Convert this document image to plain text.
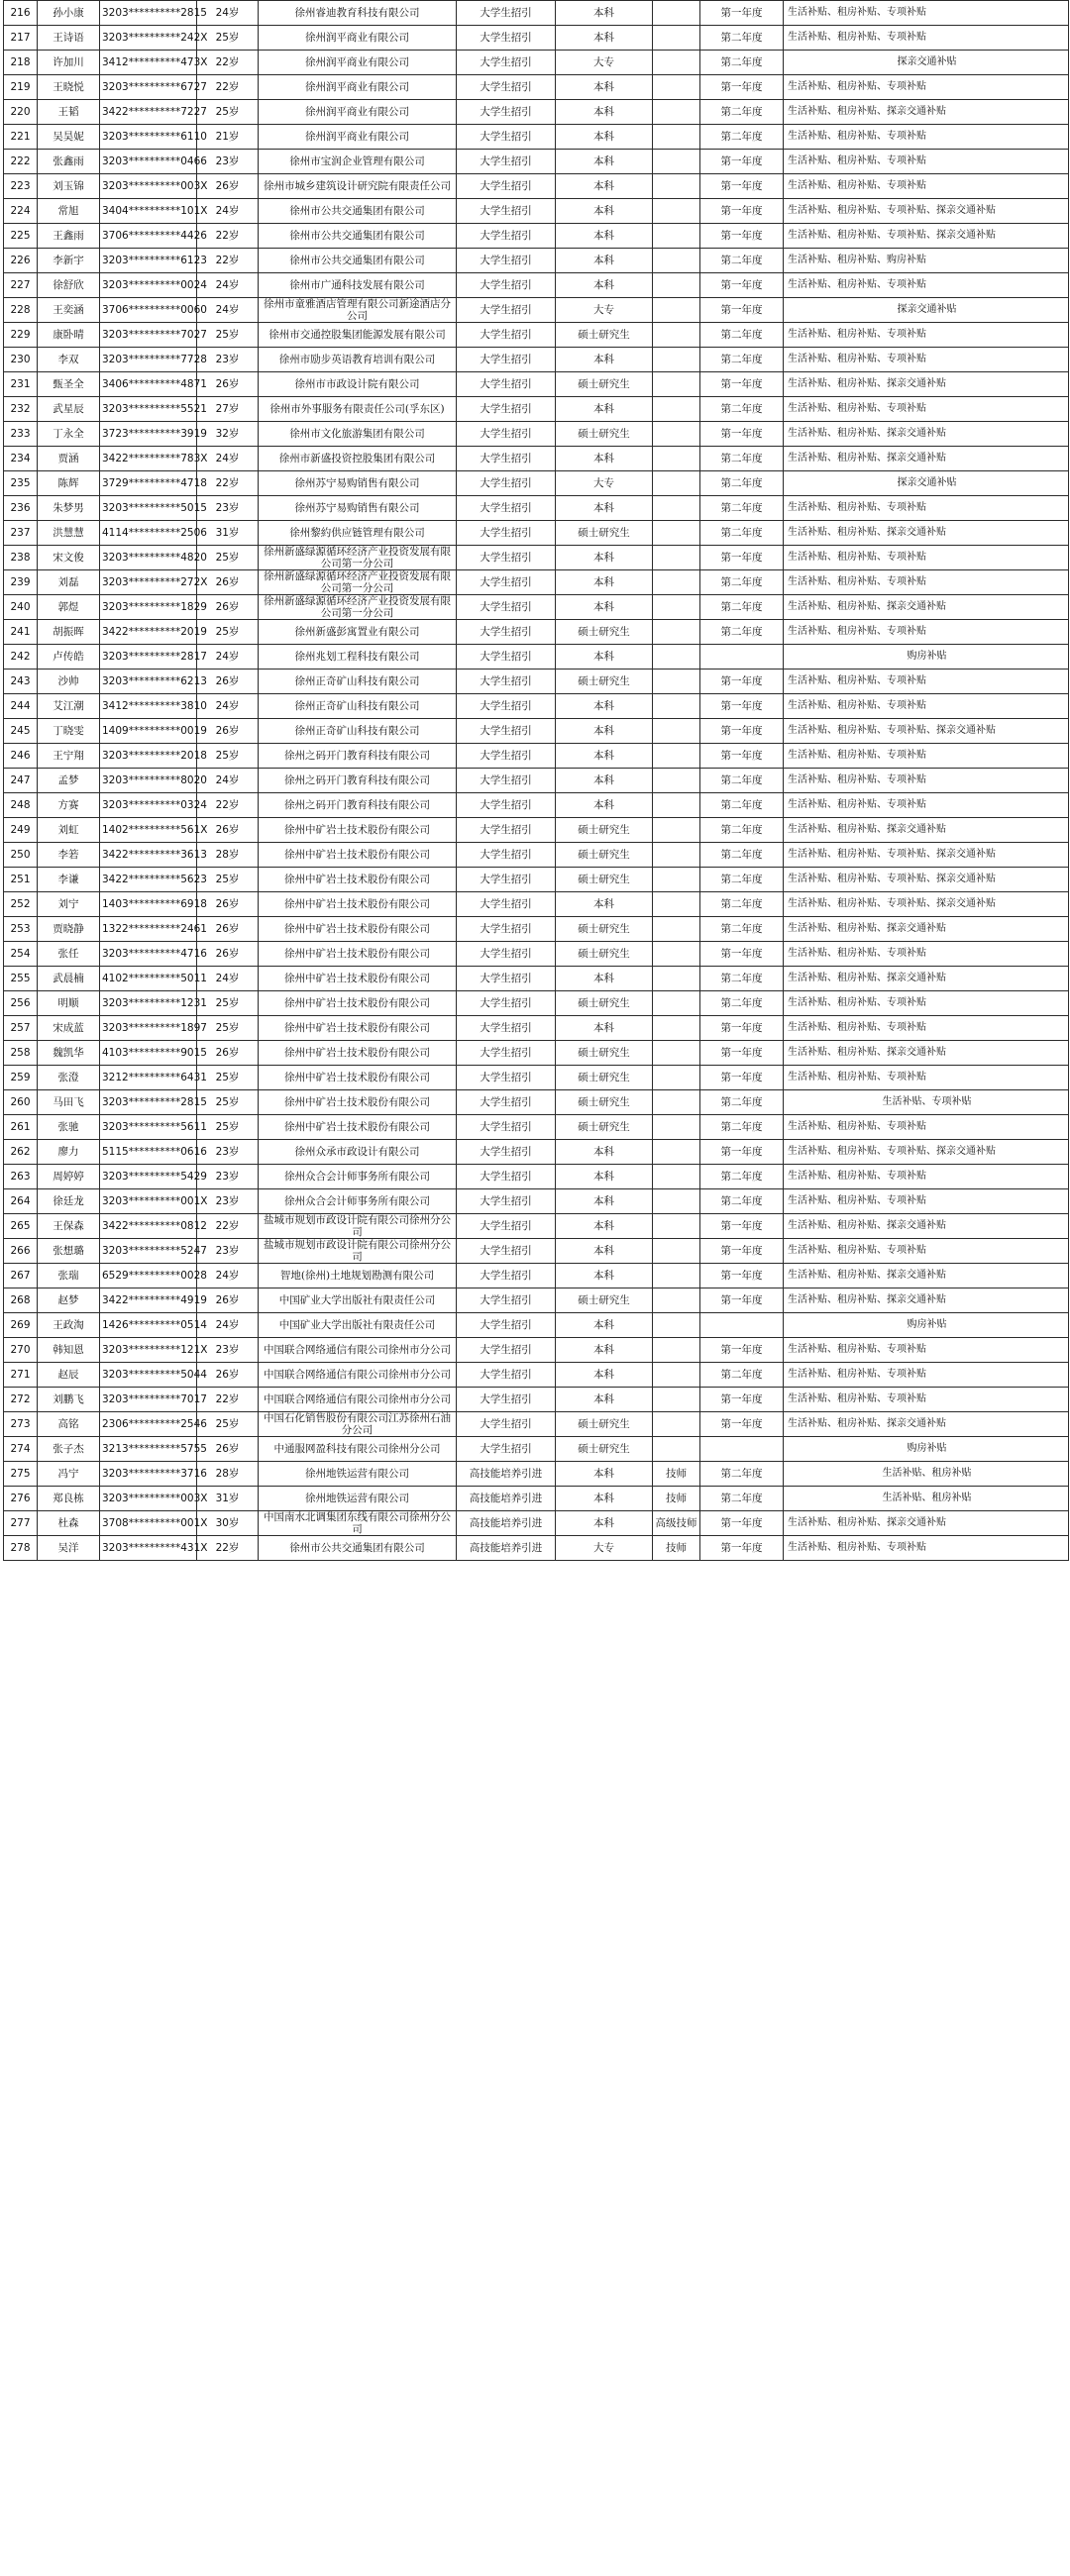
216	孙小康	3203**********2815	24岁	徐州睿迪教育科技有限公司	大学生招引	本科		第一年度	生活补贴、租房补贴、专项补贴
217	王诗语	3203**********242X	25岁	徐州润平商业有限公司	大学生招引	本科		第二年度	生活补贴、租房补贴、专项补贴
218	许加川	3412**********473X	22岁	徐州润平商业有限公司	大学生招引	大专		第二年度	探亲交通补贴
219	王晓悦	3203**********6727	22岁	徐州润平商业有限公司	大学生招引	本科		第一年度	生活补贴、租房补贴、专项补贴
220	王韬	3422**********7227	25岁	徐州润平商业有限公司	大学生招引	本科		第二年度	生活补贴、租房补贴、探亲交通补贴
221	吴昊妮	3203**********6110	21岁	徐州润平商业有限公司	大学生招引	本科		第二年度	生活补贴、租房补贴、专项补贴
222	张鑫雨	3203**********0466	23岁	徐州市宝润企业管理有限公司	大学生招引	本科		第一年度	生活补贴、租房补贴、专项补贴
223	刘玉锦	3203**********003X	26岁	徐州市城乡建筑设计研究院有限责任公司	大学生招引	本科		第一年度	生活补贴、租房补贴、专项补贴
224	常旭	3404**********101X	24岁	徐州市公共交通集团有限公司	大学生招引	本科		第一年度	生活补贴、租房补贴、专项补贴、探亲交通补贴
225	王鑫雨	3706**********4426	22岁	徐州市公共交通集团有限公司	大学生招引	本科		第一年度	生活补贴、租房补贴、专项补贴、探亲交通补贴
226	李新宇	3203**********6123	22岁	徐州市公共交通集团有限公司	大学生招引	本科		第二年度	生活补贴、租房补贴、购房补贴
227	徐舒欣	3203**********0024	24岁	徐州市广通科技发展有限公司	大学生招引	本科		第一年度	生活补贴、租房补贴、专项补贴
228	王奕涵	3706**********0060	24岁	徐州市童雅酒店管理有限公司新途酒店分公司	大学生招引	大专		第一年度	探亲交通补贴
229	康卧晴	3203**********7027	25岁	徐州市交通控股集团能源发展有限公司	大学生招引	硕士研究生		第二年度	生活补贴、租房补贴、专项补贴
230	李双	3203**********7728	23岁	徐州市励步英语教育培训有限公司	大学生招引	本科		第二年度	生活补贴、租房补贴、专项补贴
231	甄圣全	3406**********4871	26岁	徐州市市政设计院有限公司	大学生招引	硕士研究生		第一年度	生活补贴、租房补贴、探亲交通补贴
232	武星辰	3203**********5521	27岁	徐州市外事服务有限责任公司(孚东区)	大学生招引	本科		第二年度	生活补贴、租房补贴、专项补贴
233	丁永全	3723**********3919	32岁	徐州市文化旅游集团有限公司	大学生招引	硕士研究生		第一年度	生活补贴、租房补贴、探亲交通补贴
234	贾涵	3422**********783X	24岁	徐州市新盛投资控股集团有限公司	大学生招引	本科		第二年度	生活补贴、租房补贴、探亲交通补贴
235	陈辉	3729**********4718	22岁	徐州苏宁易购销售有限公司	大学生招引	大专		第二年度	探亲交通补贴
236	朱梦男	3203**********5015	23岁	徐州苏宁易购销售有限公司	大学生招引	本科		第二年度	生活补贴、租房补贴、专项补贴
237	洪慧慧	4114**********2506	31岁	徐州黎約供应链管理有限公司	大学生招引	硕士研究生		第二年度	生活补贴、租房补贴、探亲交通补贴
238	宋文俊	3203**********4820	25岁	徐州新盛绿源循环经济产业投资发展有限公司第一分公司	大学生招引	本科		第一年度	生活补贴、租房补贴、专项补贴
239	刘磊	3203**********272X	26岁	徐州新盛绿源循环经济产业投资发展有限公司第一分公司	大学生招引	本科		第二年度	生活补贴、租房补贴、专项补贴
240	郭煜	3203**********1829	26岁	徐州新盛绿源循环经济产业投资发展有限公司第一分公司	大学生招引	本科		第二年度	生活补贴、租房补贴、探亲交通补贴
241	胡振晖	3422**********2019	25岁	徐州新盛彭寓置业有限公司	大学生招引	硕士研究生		第二年度	生活补贴、租房补贴、专项补贴
242	卢传皓	3203**********2817	24岁	徐州兆划工程科技有限公司	大学生招引	本科			购房补贴
243	沙帅	3203**********6213	26岁	徐州正奇矿山科技有限公司	大学生招引	硕士研究生		第一年度	生活补贴、租房补贴、专项补贴
244	艾江潮	3412**********3810	24岁	徐州正奇矿山科技有限公司	大学生招引	本科		第一年度	生活补贴、租房补贴、专项补贴
245	丁晓雯	1409**********0019	26岁	徐州正奇矿山科技有限公司	大学生招引	本科		第一年度	生活补贴、租房补贴、专项补贴、探亲交通补贴
246	王宁翔	3203**********2018	25岁	徐州之码开门教育科技有限公司	大学生招引	本科		第一年度	生活补贴、租房补贴、专项补贴
247	孟梦	3203**********8020	24岁	徐州之码开门教育科技有限公司	大学生招引	本科		第二年度	生活补贴、租房补贴、专项补贴
248	方赛	3203**********0324	22岁	徐州之码开门教育科技有限公司	大学生招引	本科		第二年度	生活补贴、租房补贴、专项补贴
249	刘虹	1402**********561X	26岁	徐州中矿岩土技术股份有限公司	大学生招引	硕士研究生		第二年度	生活补贴、租房补贴、探亲交通补贴
250	李箬	3422**********3613	28岁	徐州中矿岩土技术股份有限公司	大学生招引	硕士研究生		第二年度	生活补贴、租房补贴、专项补贴、探亲交通补贴
251	李谦	3422**********5623	25岁	徐州中矿岩土技术股份有限公司	大学生招引	硕士研究生		第二年度	生活补贴、租房补贴、专项补贴、探亲交通补贴
252	刘宁	1403**********6918	26岁	徐州中矿岩土技术股份有限公司	大学生招引	本科		第二年度	生活补贴、租房补贴、专项补贴、探亲交通补贴
253	贾晓静	1322**********2461	26岁	徐州中矿岩土技术股份有限公司	大学生招引	硕士研究生		第二年度	生活补贴、租房补贴、探亲交通补贴
254	张任	3203**********4716	26岁	徐州中矿岩土技术股份有限公司	大学生招引	硕士研究生		第一年度	生活补贴、租房补贴、专项补贴
255	武晨楠	4102**********5011	24岁	徐州中矿岩土技术股份有限公司	大学生招引	本科		第二年度	生活补贴、租房补贴、探亲交通补贴
256	明顺	3203**********1231	25岁	徐州中矿岩土技术股份有限公司	大学生招引	硕士研究生		第二年度	生活补贴、租房补贴、专项补贴
257	宋成蓝	3203**********1897	25岁	徐州中矿岩土技术股份有限公司	大学生招引	本科		第一年度	生活补贴、租房补贴、专项补贴
258	魏凯华	4103**********9015	26岁	徐州中矿岩土技术股份有限公司	大学生招引	硕士研究生		第一年度	生活补贴、租房补贴、探亲交通补贴
259	张澄	3212**********6431	25岁	徐州中矿岩土技术股份有限公司	大学生招引	硕士研究生		第一年度	生活补贴、租房补贴、专项补贴
260	马田飞	3203**********2815	25岁	徐州中矿岩土技术股份有限公司	大学生招引	硕士研究生		第二年度	生活补贴、专项补贴
261	张驰	3203**********5611	25岁	徐州中矿岩土技术股份有限公司	大学生招引	硕士研究生		第二年度	生活补贴、租房补贴、专项补贴
262	廖力	5115**********0616	23岁	徐州众承市政设计有限公司	大学生招引	本科		第一年度	生活补贴、租房补贴、专项补贴、探亲交通补贴
263	周婷婷	3203**********5429	23岁	徐州众合会计师事务所有限公司	大学生招引	本科		第二年度	生活补贴、租房补贴、专项补贴
264	徐廷龙	3203**********001X	23岁	徐州众合会计师事务所有限公司	大学生招引	本科		第二年度	生活补贴、租房补贴、专项补贴
265	王保森	3422**********0812	22岁	盐城市规划市政设计院有限公司徐州分公司	大学生招引	本科		第一年度	生活补贴、租房补贴、探亲交通补贴
266	张想璐	3203**********5247	23岁	盐城市规划市政设计院有限公司徐州分公司	大学生招引	本科		第一年度	生活补贴、租房补贴、专项补贴
267	张瑞	6529**********0028	24岁	智地(徐州)土地规划勘测有限公司	大学生招引	本科		第一年度	生活补贴、租房补贴、探亲交通补贴
268	赵梦	3422**********4919	26岁	中国矿业大学出版社有限责任公司	大学生招引	硕士研究生		第一年度	生活补贴、租房补贴、探亲交通补贴
269	王政淘	1426**********0514	24岁	中国矿业大学出版社有限责任公司	大学生招引	本科			购房补贴
270	韩知恩	3203**********121X	23岁	中国联合网络通信有限公司徐州市分公司	大学生招引	本科		第一年度	生活补贴、租房补贴、专项补贴
271	赵辰	3203**********5044	26岁	中国联合网络通信有限公司徐州市分公司	大学生招引	本科		第二年度	生活补贴、租房补贴、专项补贴
272	刘鹏飞	3203**********7017	22岁	中国联合网络通信有限公司徐州市分公司	大学生招引	本科		第一年度	生活补贴、租房补贴、专项补贴
273	高铭	2306**********2546	25岁	中国石化销售股份有限公司江苏徐州石油分公司	大学生招引	硕士研究生		第一年度	生活补贴、租房补贴、探亲交通补贴
274	张子杰	3213**********5755	26岁	中通服网盈科技有限公司徐州分公司	大学生招引	硕士研究生			购房补贴
275	冯宁	3203**********3716	28岁	徐州地铁运营有限公司	高技能培养引进	本科	技师	第二年度	生活补贴、租房补贴
276	郑良栋	3203**********003X	31岁	徐州地铁运营有限公司	高技能培养引进	本科	技师	第二年度	生活补贴、租房补贴
277	杜森	3708**********001X	30岁	中国南水北调集团东线有限公司徐州分公司	高技能培养引进	本科	高级技师	第一年度	生活补贴、租房补贴、探亲交通补贴
278	吴洋	3203**********431X	22岁	徐州市公共交通集团有限公司	高技能培养引进	大专	技师	第一年度	生活补贴、租房补贴、专项补贴
